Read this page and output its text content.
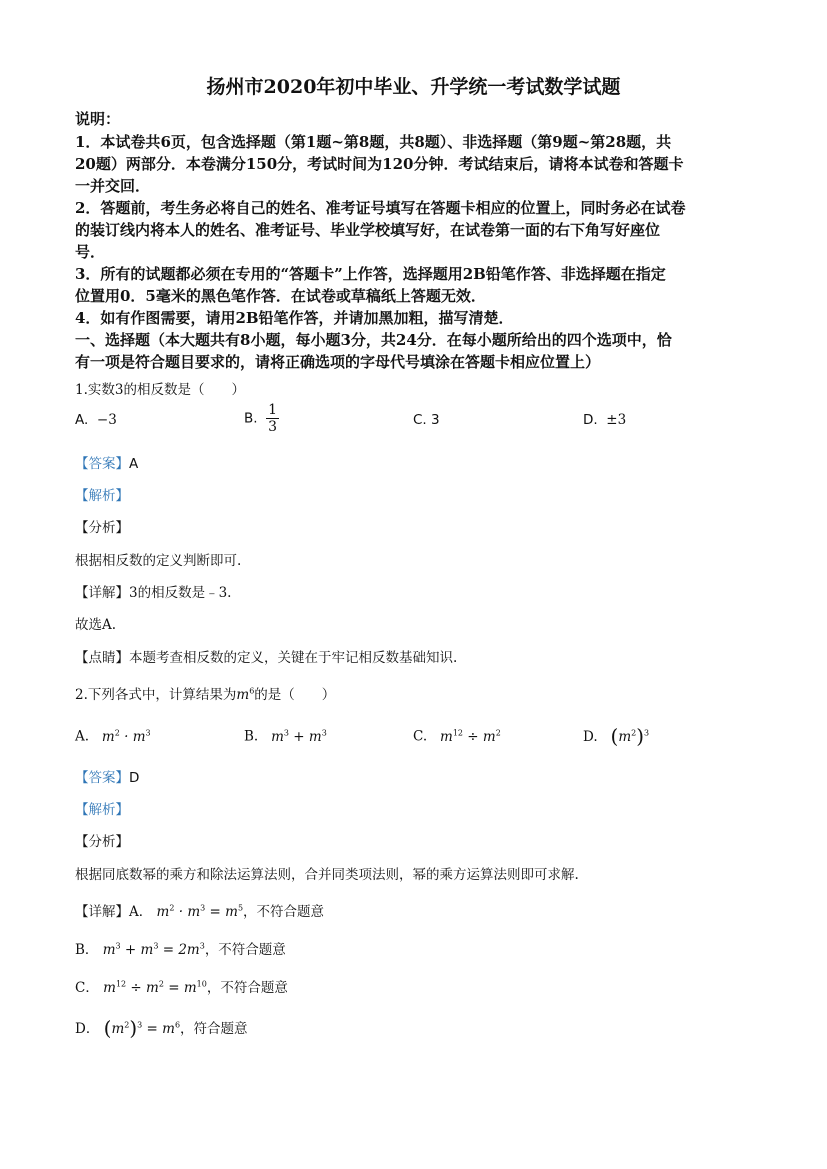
扬州市2020年初中毕业、升学统一考试数学试题
说明：
1．本试卷共6页，包含选择题（第1题~第8题，共8题）、非选择题（第9题~第28题，共
20题）两部分．本卷满分150分，考试时间为120分钟．考试结束后，请将本试卷和答题卡
一并交回．
2．答题前，考生务必将自己的姓名、准考证号填写在答题卡相应的位置上，同时务必在试卷
的装订线内将本人的姓名、准考证号、毕业学校填写好，在试卷第一面的右下角写好座位
号．
3．所有的试题都必须在专用的“答题卡”上作答，选择题用2B铅笔作答、非选择题在指定
位置用0．5毫米的黑色笔作答．在试卷或草稿纸上答题无效．
4．如有作图需要，请用2B铅笔作答，并请加黑加粗，描写清楚．
一、选择题（本大题共有8小题，每小题3分，共24分．在每小题所给出的四个选项中，恰
有一项是符合题目要求的，请将正确选项的字母代号填涂在答题卡相应位置上）
1.实数3的相反数是（　　）
A. −3	B. $\frac{1}{3}$	C. 3	D. ±3
【答案】A
【解析】
【分析】
根据相反数的定义判断即可.
【详解】3的相反数是﹣3.
故选A.
【点睛】本题考查相反数的定义，关键在于牢记相反数基础知识.
2.下列各式中，计算结果为$m^6$的是（　　）
A. $m^2 \cdot m^3$	B. $m^3 + m^3$	C. $m^{12} \div m^2$	D. $(m^2)^3$
【答案】D
【解析】
【分析】
根据同底数幂的乘方和除法运算法则，合并同类项法则，幂的乘方运算法则即可求解.
【详解】A． $m^2 \cdot m^3 = m^5$，不符合题意
B． $m^3 + m^3 = 2m^3$，不符合题意
C． $m^{12} \div m^2 = m^{10}$，不符合题意
D． $(m^2)^3 = m^6$，符合题意
